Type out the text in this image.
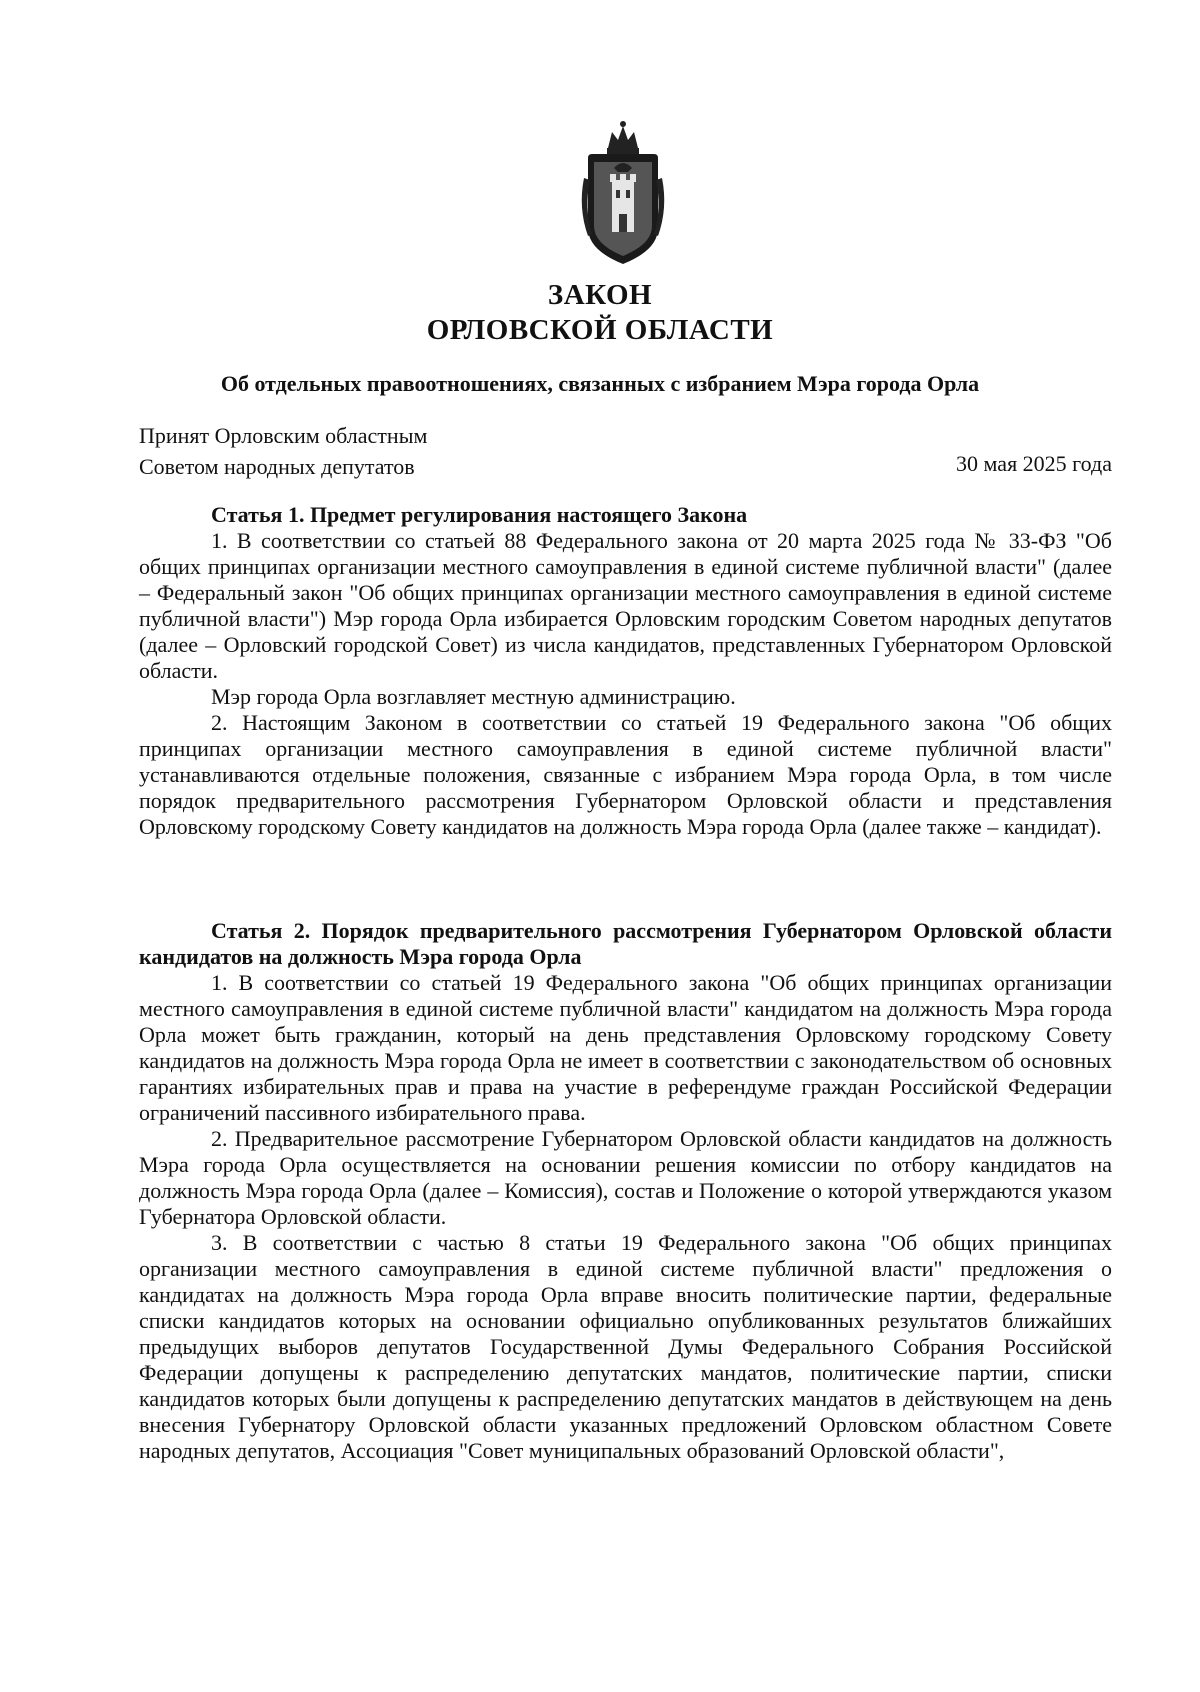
ЗАКОН
ОРЛОВСКОЙ ОБЛАСТИ
Об отдельных правоотношениях, связанных с избранием Мэра города Орла
Принят Орловским областным
Советом народных депутатов	30 мая 2025 года

Статья 1. Предмет регулирования настоящего Закона

1. В соответствии со статьей 88 Федерального закона от 20 марта 2025 года № 33-ФЗ "Об общих принципах организации местного самоуправления в единой системе публичной власти" (далее – Федеральный закон "Об общих принципах организации местного самоуправления в единой системе публичной власти") Мэр города Орла избирается Орловским городским Советом народных депутатов (далее – Орловский городской Совет) из числа кандидатов, представленных Губернатором Орловской области.

Мэр города Орла возглавляет местную администрацию.

2. Настоящим Законом в соответствии со статьей 19 Федерального закона "Об общих принципах организации местного самоуправления в единой системе публичной власти" устанавливаются отдельные положения, связанные с избранием Мэра города Орла, в том числе порядок предварительного рассмотрения Губернатором Орловской области и представления Орловскому городскому Совету кандидатов на должность Мэра города Орла (далее также – кандидат).

Статья 2. Порядок предварительного рассмотрения Губернатором Орловской области кандидатов на должность Мэра города Орла

1. В соответствии со статьей 19 Федерального закона "Об общих принципах организации местного самоуправления в единой системе публичной власти" кандидатом на должность Мэра города Орла может быть гражданин, который на день представления Орловскому городскому Совету кандидатов на должность Мэра города Орла не имеет в соответствии с законодательством об основных гарантиях избирательных прав и права на участие в референдуме граждан Российской Федерации ограничений пассивного избирательного права.

2. Предварительное рассмотрение Губернатором Орловской области кандидатов на должность Мэра города Орла осуществляется на основании решения комиссии по отбору кандидатов на должность Мэра города Орла (далее – Комиссия), состав и Положение о которой утверждаются указом Губернатора Орловской области.

3. В соответствии с частью 8 статьи 19 Федерального закона "Об общих принципах организации местного самоуправления в единой системе публичной власти" предложения о кандидатах на должность Мэра города Орла вправе вносить политические партии, федеральные списки кандидатов которых на основании официально опубликованных результатов ближайших предыдущих выборов депутатов Государственной Думы Федерального Собрания Российской Федерации допущены к распределению депутатских мандатов, политические партии, списки кандидатов которых были допущены к распределению депутатских мандатов в действующем на день внесения Губернатору Орловской области указанных предложений Орловском областном Совете народных депутатов, Ассоциация "Совет муниципальных образований Орловской области",
